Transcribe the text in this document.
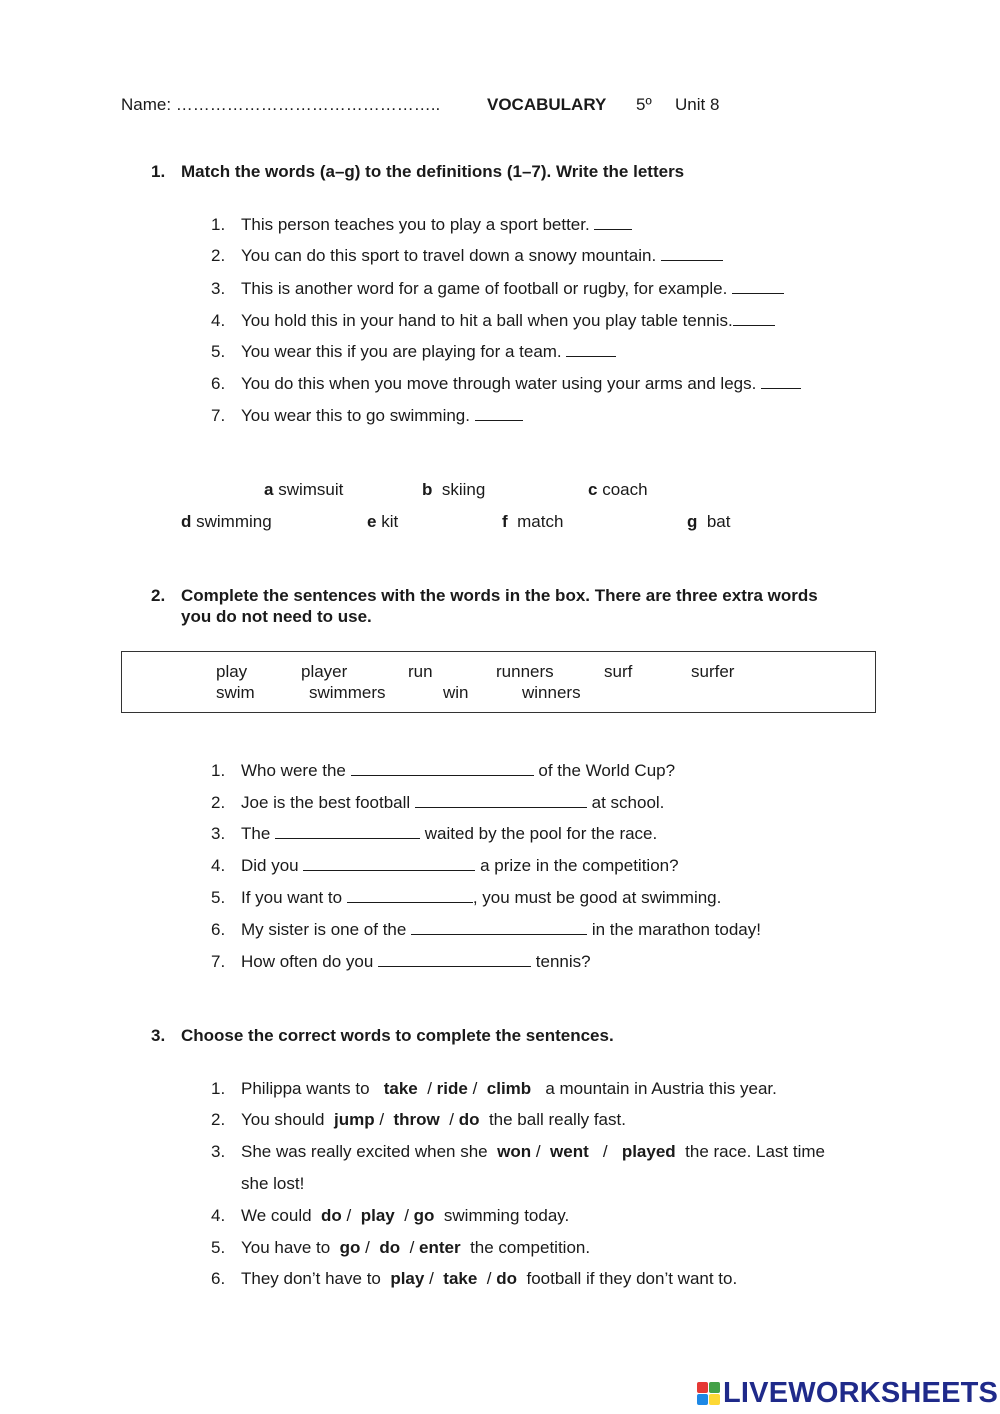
Name: ………………………………………..	VOCABULARY 5º Unit 8
1. Match the words (a–g) to the definitions (1–7). Write the letters
1. This person teaches you to play a sport better.
2. You can do this sport to travel down a snowy mountain.
3. This is another word for a game of football or rugby, for example.
4. You hold this in your hand to hit a ball when you play table tennis.
5. You wear this if you are playing for a team.
6. You do this when you move through water using your arms and legs.
7. You wear this to go swimming.
a swimsuit	b skiing	c coach
d swimming	e kit	f match	g bat
2. Complete the sentences with the words in the box. There are three extra words
you do not need to use.
play	player	run	runners	surf	surfer
swim	swimmers	win	winners
1. Who were the	of the World Cup?
2. Joe is the best football	at school.
3. The	waited by the pool for the race.
4. Did you	a prize in the competition?
5. If you want to	, you must be good at swimming.
6. My sister is one of the	in the marathon today!
7. How often do you	tennis?
3. Choose the correct words to complete the sentences.
1. Philippa wants to take / ride / climb a mountain in Austria this year.
2. You should jump / throw / do the ball really fast.
3. She was really excited when she won / went / played the race. Last time
she lost!
4. We could do / play / go swimming today.
5. You have to go / do / enter the competition.
6. They don’t have to play / take / do football if they don’t want to.
LIVEWORKSHEETS
